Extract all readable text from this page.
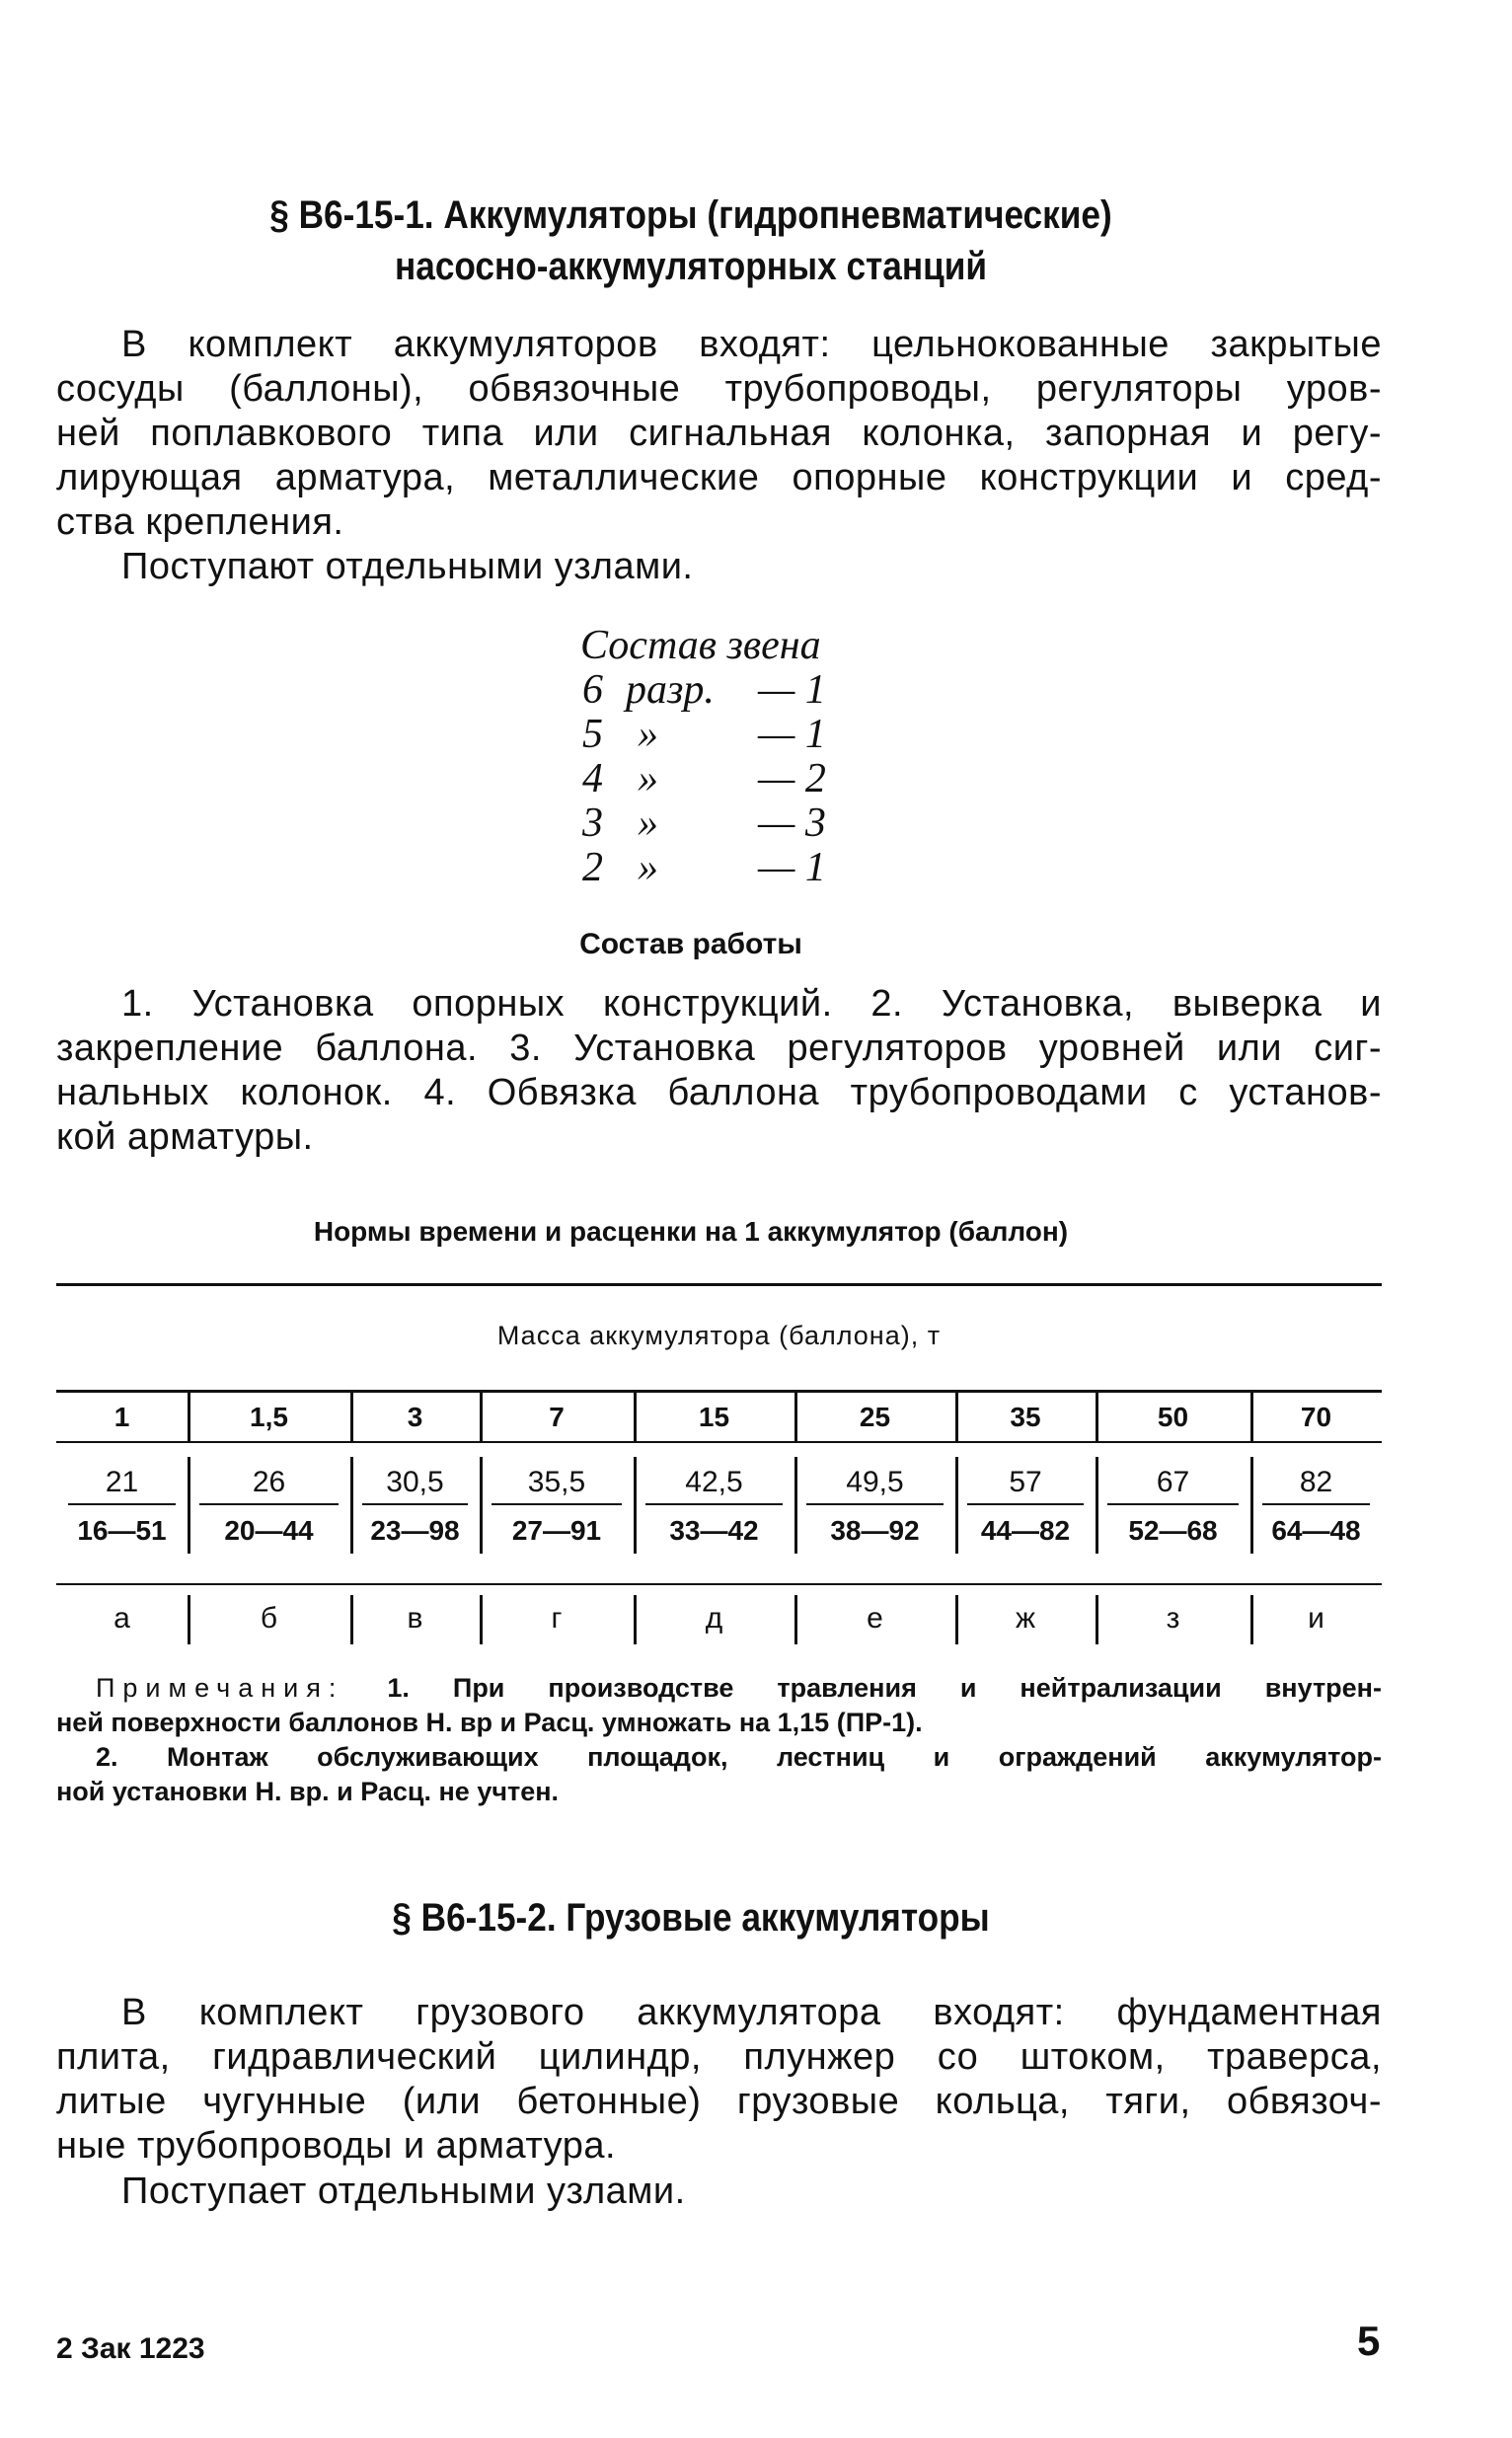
§ В6-15-1. Аккумуляторы (гидропневматические)
насосно-аккумуляторных станций
В комплект аккумуляторов входят: цельнокованные закрытые
сосуды (баллоны), обвязочные трубопроводы, регуляторы уров-
ней поплавкового типа или сигнальная колонка, запорная и регу-
лирующая арматура, металлические опорные конструкции и сред-
ства крепления.
Поступают отдельными узлами.
Состав звена
6 разр. — 1
5 » — 1
4 » — 2
3 » — 3
2 » — 1
Состав работы
1. Установка опорных конструкций. 2. Установка, выверка и
закрепление баллона. 3. Установка регуляторов уровней или сиг-
нальных колонок. 4. Обвязка баллона трубопроводами с установ-
кой арматуры.
Нормы времени и расценки на 1 аккумулятор (баллон)
Масса аккумулятора (баллона), т
1
21
16—51
а
1,5
26
20—44
б
3
30,5
23—98
в
7
35,5
27—91
г
15
42,5
33—42
д
25
49,5
38—92
е
35
57
44—82
ж
50
67
52—68
з
70
82
64—48
и
Примечания: 1. При производстве травления и нейтрализации внутрен-
ней поверхности баллонов Н. вр и Расц. умножать на 1,15 (ПР-1).
2. Монтаж обслуживающих площадок, лестниц и ограждений аккумулятор-
ной установки Н. вр. и Расц. не учтен.
§ В6-15-2. Грузовые аккумуляторы
В комплект грузового аккумулятора входят: фундаментная
плита, гидравлический цилиндр, плунжер со штоком, траверса,
литые чугунные (или бетонные) грузовые кольца, тяги, обвязоч-
ные трубопроводы и арматура.
Поступает отдельными узлами.
2 Зак 1223	5
